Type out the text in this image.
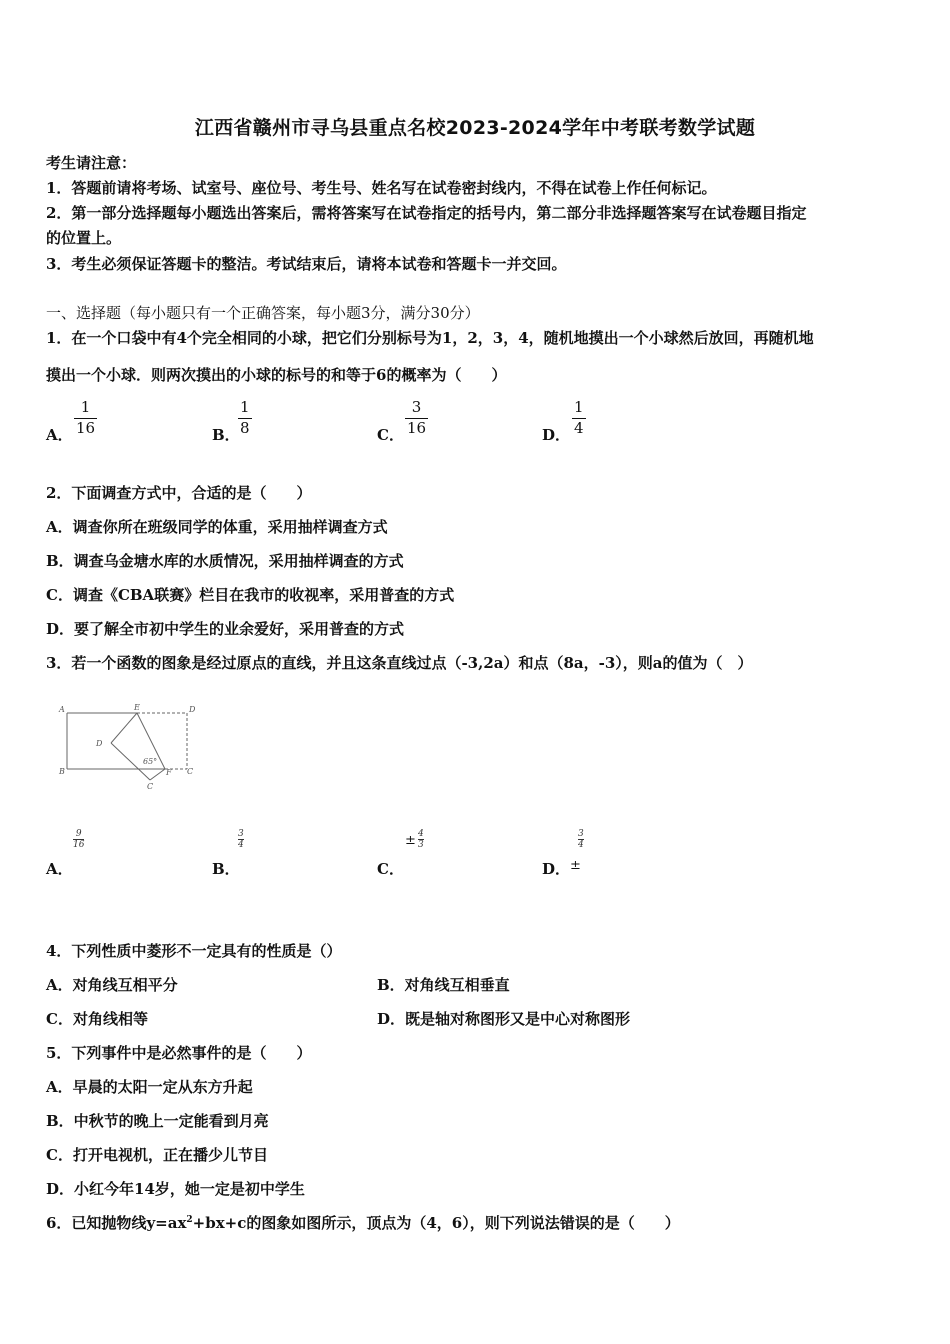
江西省赣州市寻乌县重点名校2023-2024学年中考联考数学试题
考生请注意：
1．答题前请将考场、试室号、座位号、考生号、姓名写在试卷密封线内，不得在试卷上作任何标记。
2．第一部分选择题每小题选出答案后，需将答案写在试卷指定的括号内，第二部分非选择题答案写在试卷题目指定
的位置上。
3．考生必须保证答题卡的整洁。考试结束后，请将本试卷和答题卡一并交回。
一、选择题（每小题只有一个正确答案，每小题3分，满分30分）
1．在一个口袋中有4个完全相同的小球，把它们分别标号为1，2，3，4，随机地摸出一个小球然后放回，再随机地
摸出一个小球．则两次摸出的小球的标号的和等于6的概率为（　　）
A． $\frac{1}{16}$	B．
$\frac{1}{8}$	C． $\frac{3}{16}$	D． $\frac{1}{4}$
2．下面调查方式中，合适的是（　　）
A．调查你所在班级同学的体重，采用抽样调查方式
B．调查乌金塘水库的水质情况，采用抽样调查的方式
C．调查《CBA联赛》栏目在我市的收视率，采用普查的方式
D．要了解全市初中学生的业余爱好，采用普查的方式
3．若一个函数的图象是经过原点的直线，并且这条直线过点（-3,2a）和点（8a，-3），则a的值为（　）
A	E	D
D
65°
B	F C
C
A．
9
16
B．
3
4
C．
± 4
3
D． ±
3
4
4．下列性质中菱形不一定具有的性质是（）
A．对角线互相平分	B．对角线互相垂直
C．对角线相等	D．既是轴对称图形又是中心对称图形
5．下列事件中是必然事件的是（　　）
A．早晨的太阳一定从东方升起
B．中秋节的晚上一定能看到月亮
C．打开电视机，正在播少儿节目
D．小红今年14岁，她一定是初中学生
6．已知抛物线$y=ax^2+bx+c$的图象如图所示，顶点为（4，6），则下列说法错误的是（　　）
